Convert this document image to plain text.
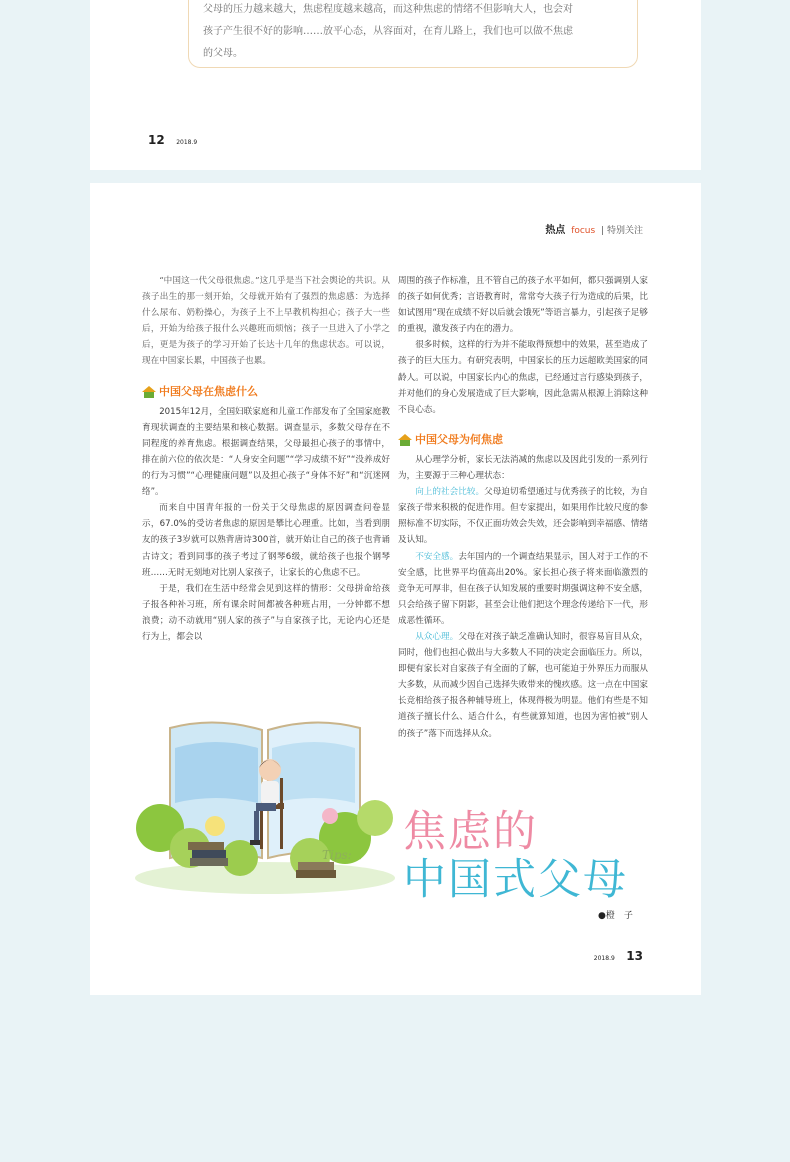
父母的压力越来越大，焦虑程度越来越高，而这种焦虑的情绪不但影响大人，也会对

孩子产生很不好的影响……放平心态，从容面对，在育儿路上，我们也可以做不焦虑

的父母。

12 2018.9
热点 focus | 特别关注

“中国这一代父母很焦虑。”这几乎是当下社会舆论的共识。从孩子出生的那一刻开始，父母就开始有了强烈的焦虑感：为选择什么尿布、奶粉操心，为孩子上不上早教机构担心；孩子大一些后，开始为给孩子报什么兴趣班而烦恼；孩子一旦进入了小学之后，更是为孩子的学习开始了长达十几年的焦虑状态。可以说，现在中国家长累，中国孩子也累。

中国父母在焦虑什么

2015年12月，全国妇联家庭和儿童工作部发布了全国家庭教育现状调查的主要结果和核心数据。调查显示，多数父母存在不同程度的养育焦虑。根据调查结果，父母最担心孩子的事情中，排在前六位的依次是：“人身安全问题”“学习成绩不好”“没养成好的行为习惯”“心理健康问题”以及担心孩子“身体不好”和“沉迷网络”。

而来自中国青年报的一份关于父母焦虑的原因调查问卷显示，67.0%的受访者焦虑的原因是攀比心理重。比如，当看到朋友的孩子3岁就可以熟背唐诗300首，就开始让自己的孩子也背诵古诗文；看到同事的孩子考过了钢琴6级，就给孩子也报个钢琴班……无时无刻地对比别人家孩子，让家长的心焦虑不已。

于是，我们在生活中经常会见到这样的情形：父母拼命给孩子报各种补习班，所有课余时间都被各种班占用，一分钟都不想浪费；动不动就用“别人家的孩子”与自家孩子比，无论内心还是行为上，都会以

周围的孩子作标准，且不管自己的孩子水平如何，都只强调别人家的孩子如何优秀；言语教育时，常常夸大孩子行为造成的后果，比如试图用“现在成绩不好以后就会饿死”等语言暴力，引起孩子足够的重视，激发孩子内在的潜力。

很多时候，这样的行为并不能取得预想中的效果，甚至造成了孩子的巨大压力。有研究表明，中国家长的压力远超欧美国家的同龄人。可以说，中国家长内心的焦虑，已经通过言行感染到孩子，并对他们的身心发展造成了巨大影响，因此急需从根源上消除这种不良心态。

中国父母为何焦虑

从心理学分析，家长无法消减的焦虑以及因此引发的一系列行为，主要源于三种心理状态：

向上的社会比较。父母迫切希望通过与优秀孩子的比较，为自家孩子带来积极的促进作用。但专家提出，如果用作比较尺度的参照标准不切实际，不仅正面功效会失效，还会影响到幸福感、情绪及认知。

不安全感。去年国内的一个调查结果显示，国人对于工作的不安全感，比世界平均值高出20%。家长担心孩子将来面临激烈的竞争无可厚非，但在孩子认知发展的重要时期强调这种不安全感，只会给孩子留下阴影，甚至会让他们把这个理念传递给下一代，形成恶性循环。

从众心理。父母在对孩子缺乏准确认知时，很容易盲目从众，同时，他们也担心做出与大多数人不同的决定会面临压力。所以，即便有家长对自家孩子有全面的了解，也可能迫于外界压力而服从大多数，从而减少因自己选择失败带来的愧疚感。这一点在中国家长竞相给孩子报各种辅导班上，体现得极为明显。他们有些是不知道孩子擅长什么、适合什么，有些就算知道，也因为害怕被“别人的孩子”落下而选择从众。

Tips: 焦虑的
中国式父母
●橙　子
2018.9 13
